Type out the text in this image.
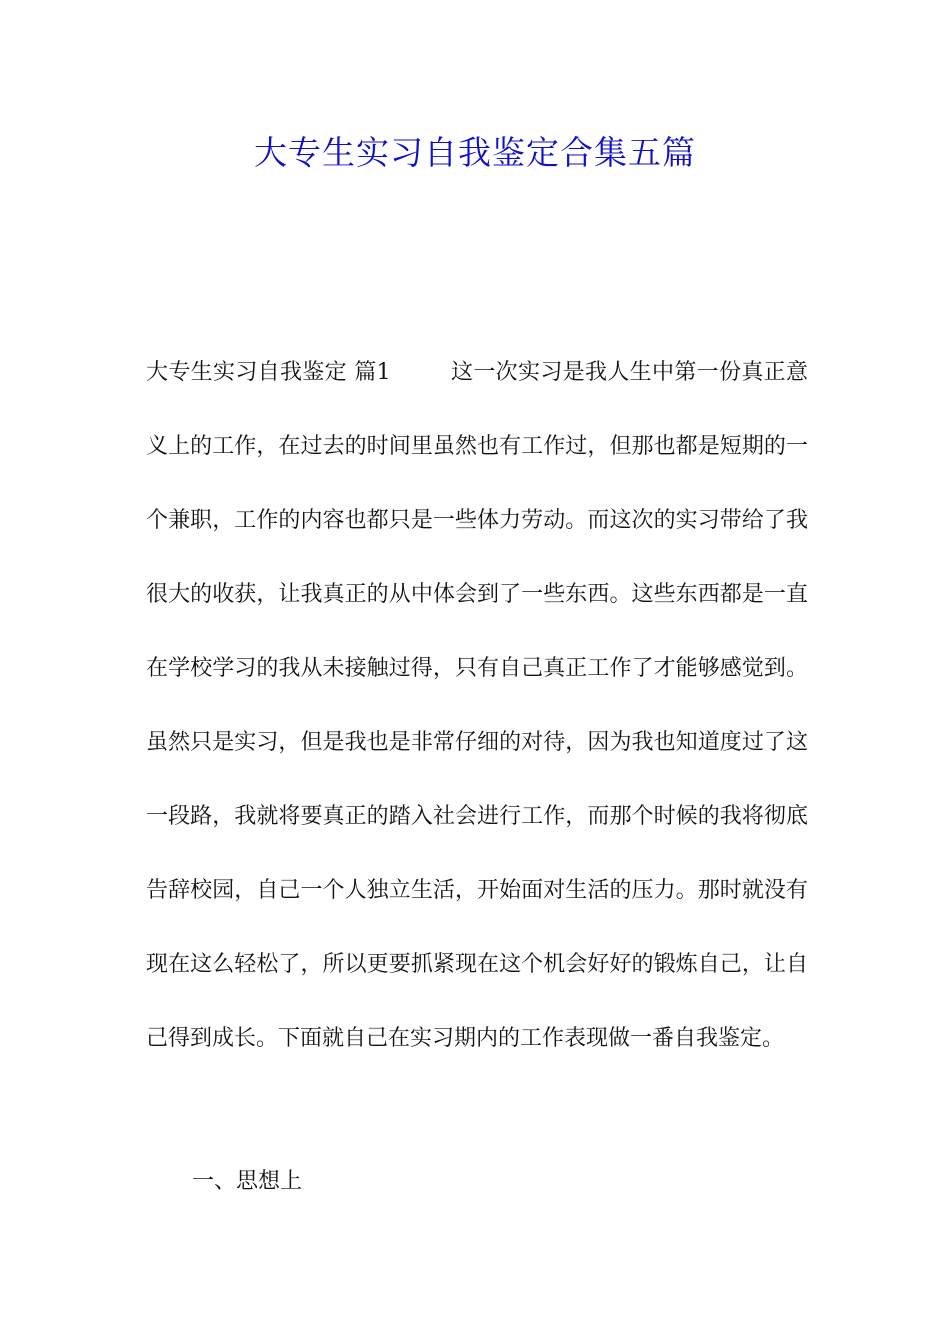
大专生实习自我鉴定合集五篇

大专生实习自我鉴定 篇1	这一次实习是我人生中第一份真正意义上的工作，在过去的时间里虽然也有工作过，但那也都是短期的一个兼职，工作的内容也都只是一些体力劳动。而这次的实习带给了我很大的收获，让我真正的从中体会到了一些东西。这些东西都是一直在学校学习的我从未接触过得，只有自己真正工作了才能够感觉到。虽然只是实习，但是我也是非常仔细的对待，因为我也知道度过了这一段路，我就将要真正的踏入社会进行工作，而那个时候的我将彻底告辞校园，自己一个人独立生活，开始面对生活的压力。那时就没有现在这么轻松了，所以更要抓紧现在这个机会好好的锻炼自己，让自己得到成长。下面就自己在实习期内的工作表现做一番自我鉴定。

一、思想上
